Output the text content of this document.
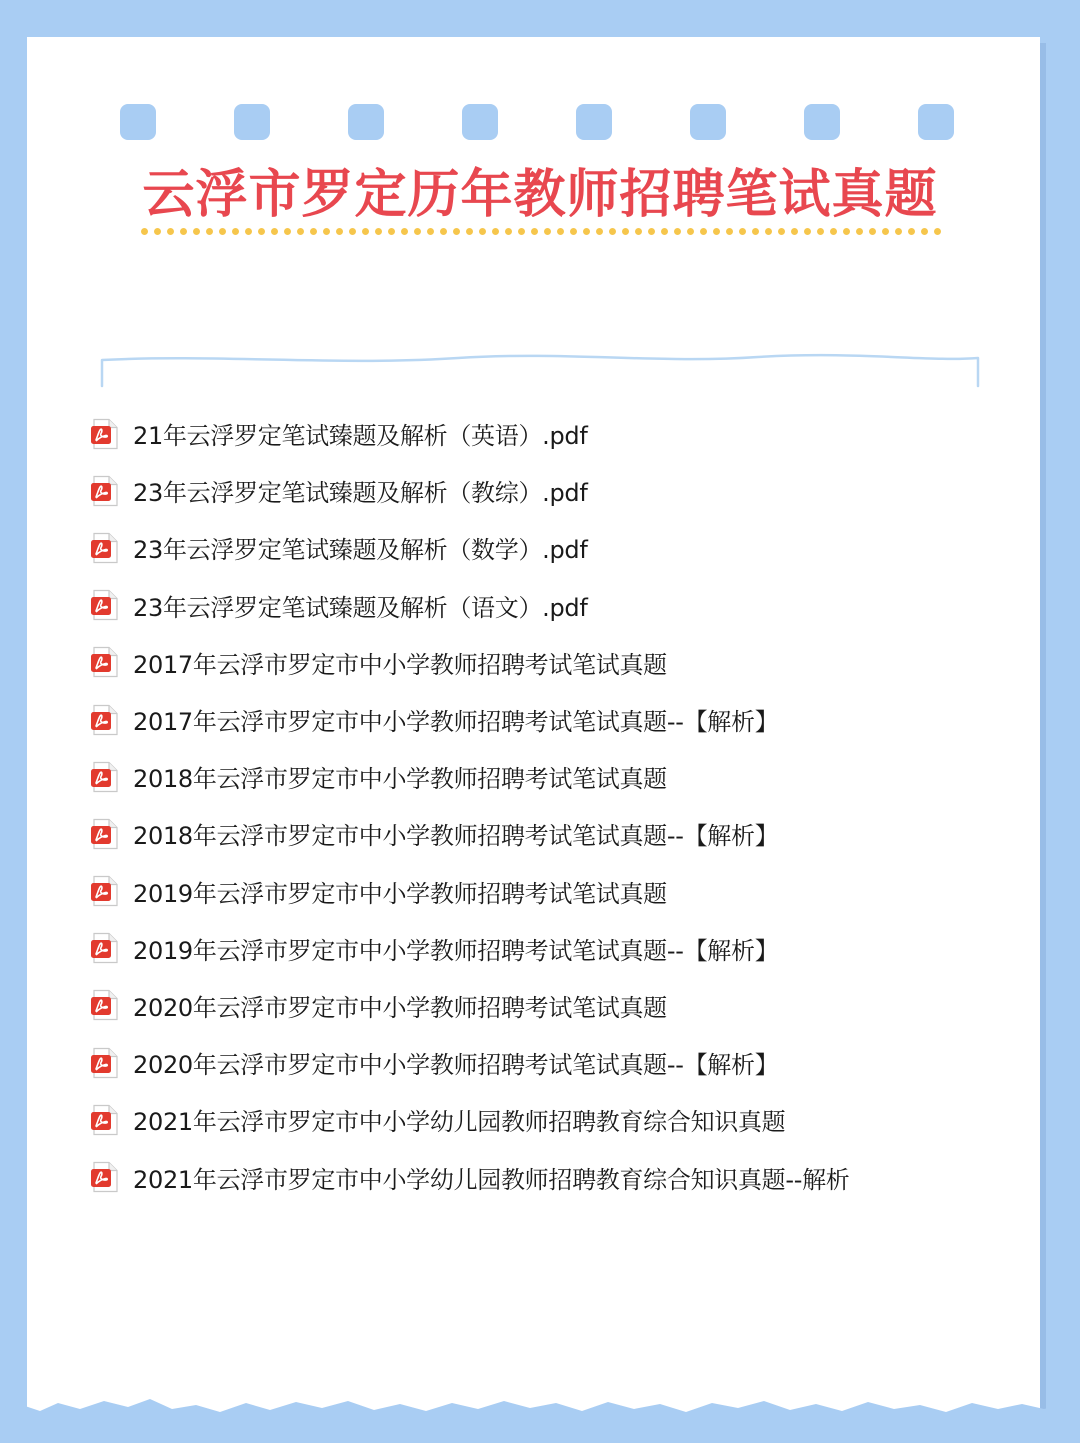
云浮市罗定历年教师招聘笔试真题
21年云浮罗定笔试臻题及解析（英语）.pdf
23年云浮罗定笔试臻题及解析（教综）.pdf
23年云浮罗定笔试臻题及解析（数学）.pdf
23年云浮罗定笔试臻题及解析（语文）.pdf
2017年云浮市罗定市中小学教师招聘考试笔试真题
2017年云浮市罗定市中小学教师招聘考试笔试真题--【解析】
2018年云浮市罗定市中小学教师招聘考试笔试真题
2018年云浮市罗定市中小学教师招聘考试笔试真题--【解析】
2019年云浮市罗定市中小学教师招聘考试笔试真题
2019年云浮市罗定市中小学教师招聘考试笔试真题--【解析】
2020年云浮市罗定市中小学教师招聘考试笔试真题
2020年云浮市罗定市中小学教师招聘考试笔试真题--【解析】
2021年云浮市罗定市中小学幼儿园教师招聘教育综合知识真题
2021年云浮市罗定市中小学幼儿园教师招聘教育综合知识真题--解析
